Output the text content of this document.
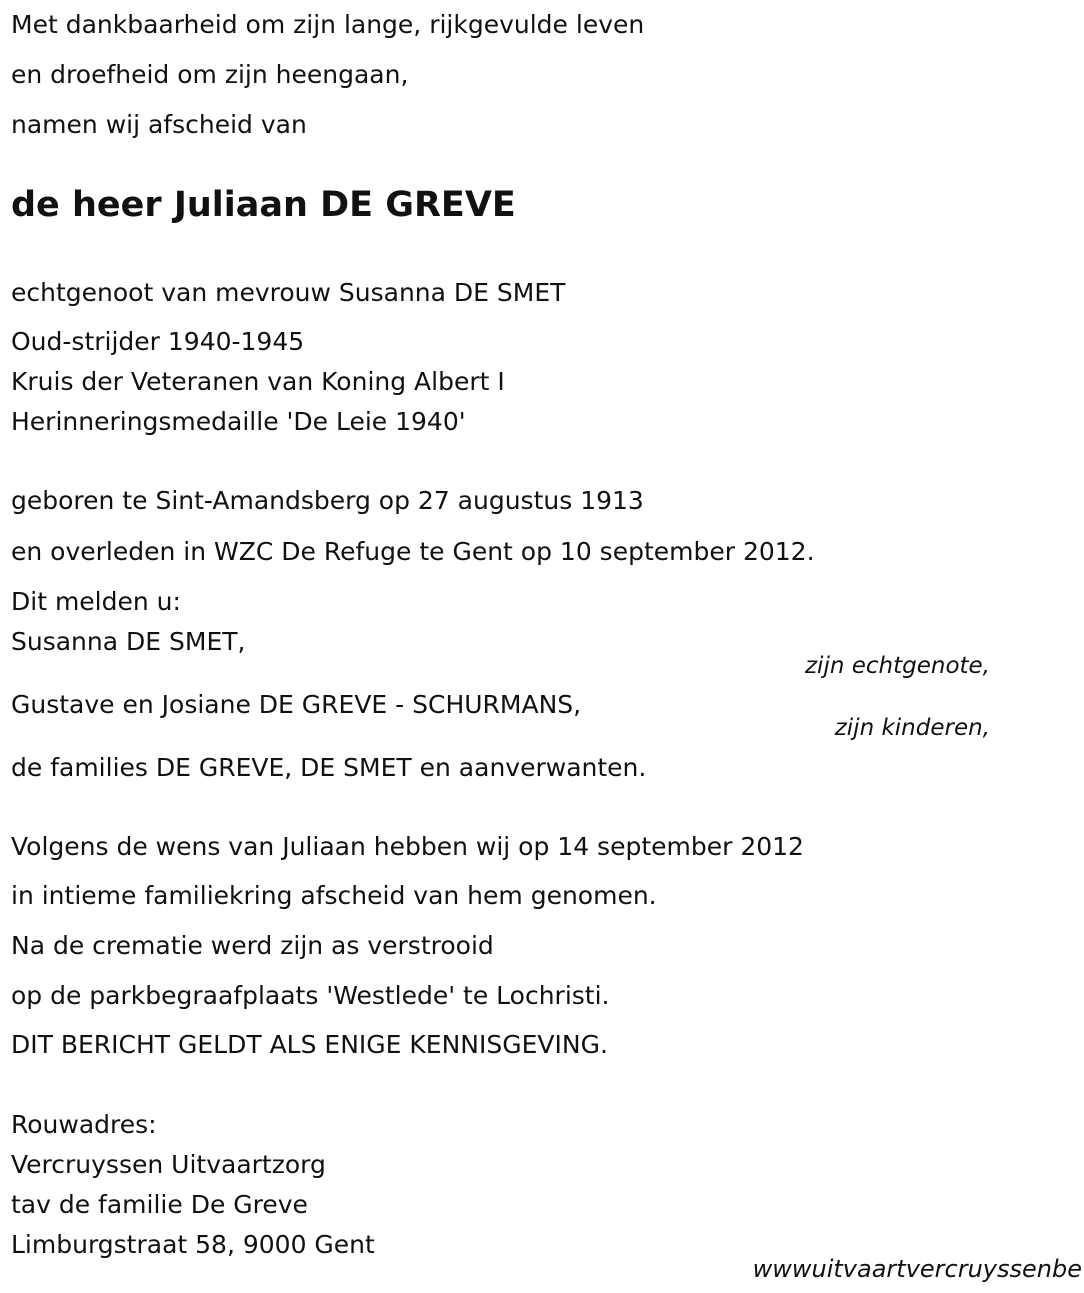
Met dankbaarheid om zijn lange, rijkgevulde leven
en droefheid om zijn heengaan,
namen wij afscheid van
de heer Juliaan DE GREVE
echtgenoot van mevrouw Susanna DE SMET
Oud-strijder 1940-1945
Kruis der Veteranen van Koning Albert I
Herinneringsmedaille 'De Leie 1940'
geboren te Sint-Amandsberg op 27 augustus 1913
en overleden in WZC De Refuge te Gent op 10 september 2012.
Dit melden u:
Susanna DE SMET,
zijn echtgenote,
Gustave en Josiane DE GREVE - SCHURMANS,
zijn kinderen,
de families DE GREVE, DE SMET en aanverwanten.
Volgens de wens van Juliaan hebben wij op 14 september 2012
in intieme familiekring afscheid van hem genomen.
Na de crematie werd zijn as verstrooid
op de parkbegraafplaats 'Westlede' te Lochristi.
DIT BERICHT GELDT ALS ENIGE KENNISGEVING.
Rouwadres:
Vercruyssen Uitvaartzorg
tav de familie De Greve
Limburgstraat 58, 9000 Gent
wwwuitvaartvercruyssenbe
